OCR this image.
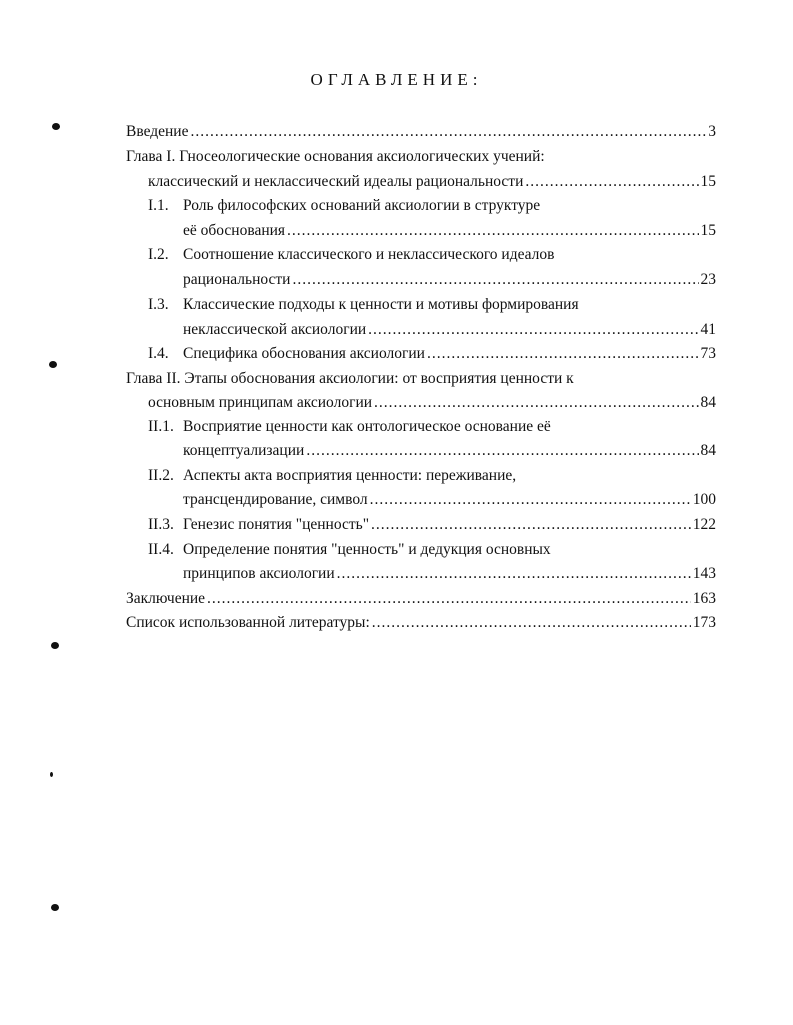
ОГЛАВЛЕНИЕ:
Введение .....	3
Глава I. Гносеологические основания аксиологических учений:
классический и неклассический идеалы рациональности .....	15
I.1. Роль философских оснований аксиологии в структуре
её обоснования .....	15
I.2. Соотношение классического и неклассического идеалов
рациональности .....	23
I.3. Классические подходы к ценности и мотивы формирования
неклассической аксиологии .....	41
I.4. Специфика обоснования аксиологии .....	73
Глава II. Этапы обоснования аксиологии: от восприятия ценности к
основным принципам аксиологии .....	84
II.1. Восприятие ценности как онтологическое основание её
концептуализации .....	84
II.2. Аспекты акта восприятия ценности: переживание,
трансцендирование, символ .....	100
II.3. Генезис понятия "ценность" .....	122
II.4. Определение понятия "ценность" и дедукция основных
принципов аксиологии .....	143
Заключение .....	163
Список использованной литературы: .....	173
